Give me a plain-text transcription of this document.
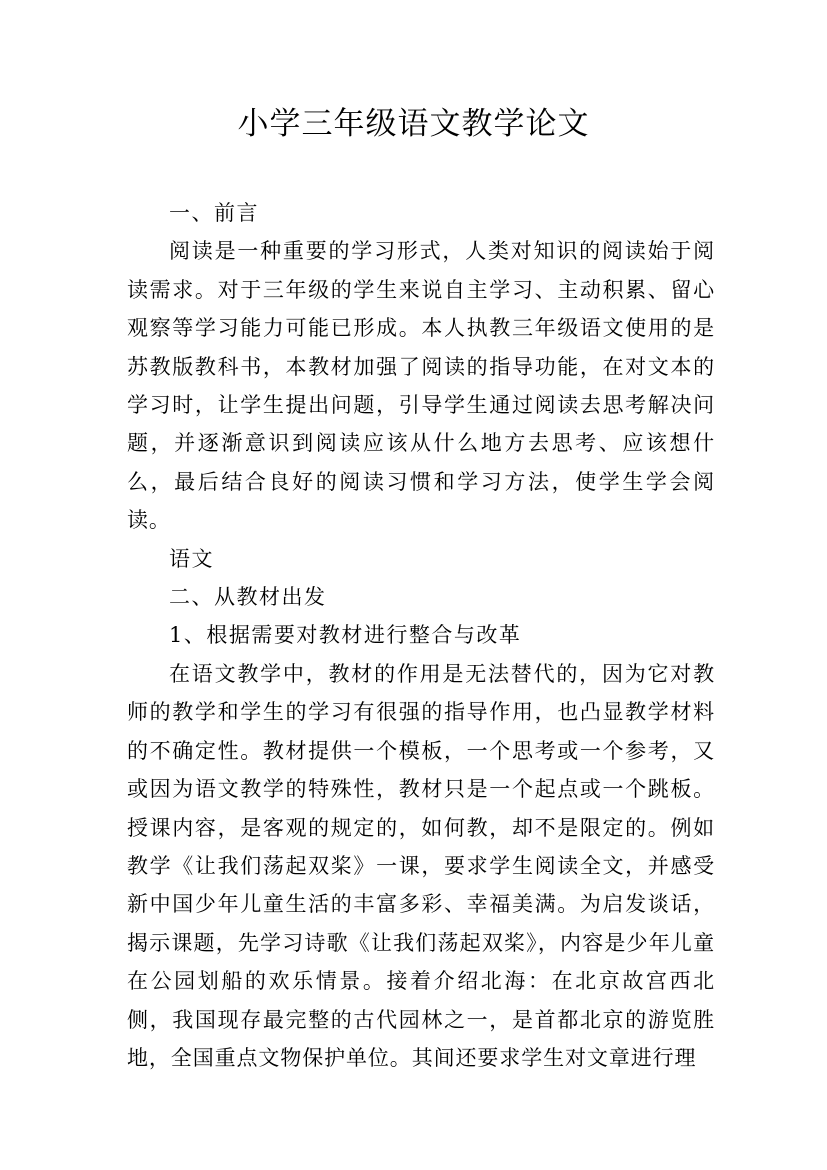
小学三年级语文教学论文

一、前言

阅读是一种重要的学习形式，人类对知识的阅读始于阅读需求。对于三年级的学生来说自主学习、主动积累、留心观察等学习能力可能已形成。本人执教三年级语文使用的是苏教版教科书，本教材加强了阅读的指导功能，在对文本的学习时，让学生提出问题，引导学生通过阅读去思考解决问题，并逐渐意识到阅读应该从什么地方去思考、应该想什么，最后结合良好的阅读习惯和学习方法，使学生学会阅读。

语文

二、从教材出发

1、根据需要对教材进行整合与改革

在语文教学中，教材的作用是无法替代的，因为它对教师的教学和学生的学习有很强的指导作用，也凸显教学材料的不确定性。教材提供一个模板，一个思考或一个参考，又或因为语文教学的特殊性，教材只是一个起点或一个跳板。授课内容，是客观的规定的，如何教，却不是限定的。例如教学《让我们荡起双桨》一课，要求学生阅读全文，并感受新中国少年儿童生活的丰富多彩、幸福美满。为启发谈话，揭示课题，先学习诗歌《让我们荡起双桨》，内容是少年儿童在公园划船的欢乐情景。接着介绍北海：在北京故宫西北侧，我国现存最完整的古代园林之一，是首都北京的游览胜地，全国重点文物保护单位。其间还要求学生对文章进行理
